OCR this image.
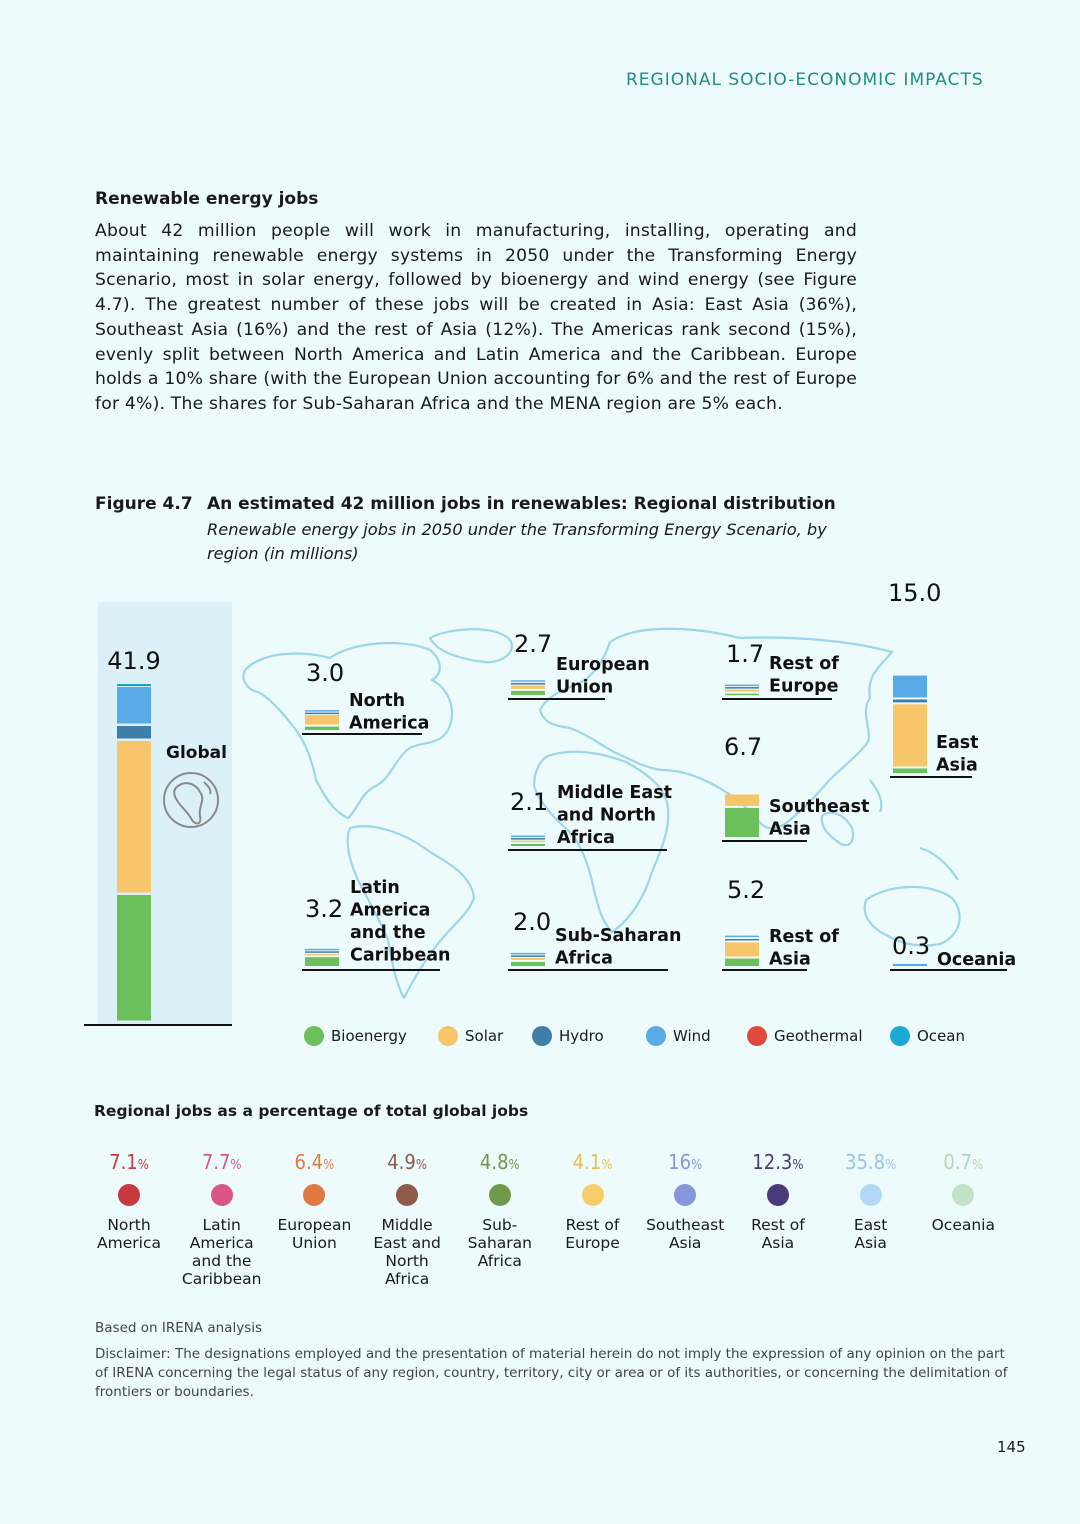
REGIONAL SOCIO-ECONOMIC IMPACTS
Renewable energy jobs
About 42 million people will work in manufacturing, installing, operating and maintaining renewable energy systems in 2050 under the Transforming Energy Scenario, most in solar energy, followed by bioenergy and wind energy (see Figure 4.7). The greatest number of these jobs will be created in Asia: East Asia (36%), Southeast Asia (16%) and the rest of Asia (12%). The Americas rank second (15%), evenly split between North America and Latin America and the Caribbean. Europe holds a 10% share (with the European Union accounting for 6% and the rest of Europe for 4%). The shares for Sub-Saharan Africa and the MENA region are 5% each.
Figure 4.7 An estimated 42 million jobs in renewables: Regional distribution
Renewable energy jobs in 2050 under the Transforming Energy Scenario, by region (in millions)
41.9
Global
3.0
North America
3.2
Latin America and the Caribbean
2.7
European Union
2.1 Middle East and North Africa
2.0 Sub-Saharan Africa
1.7 Rest of Europe
6.7
Southeast Asia
5.2
Rest of Asia
15.0
East Asia
0.3 Oceania
Bioenergy	Solar	Hydro	Wind	Geothermal	Ocean
Regional jobs as a percentage of total global jobs
7.1%
North
America
7.7%
Latin
America
and the
Caribbean
6.4%
European
Union
4.9%
Middle
East and
North
Africa
4.8%
Sub-
Saharan
Africa
4.1%
Rest of
Europe
16%
Southeast
Asia
12.3%
Rest of
Asia
35.8%
East
Asia
0.7%
Oceania
Based on IRENA analysis
Disclaimer: The designations employed and the presentation of material herein do not imply the expression of any opinion on the part of IRENA concerning the legal status of any region, country, territory, city or area or of its authorities, or concerning the delimitation of frontiers or boundaries.
145
